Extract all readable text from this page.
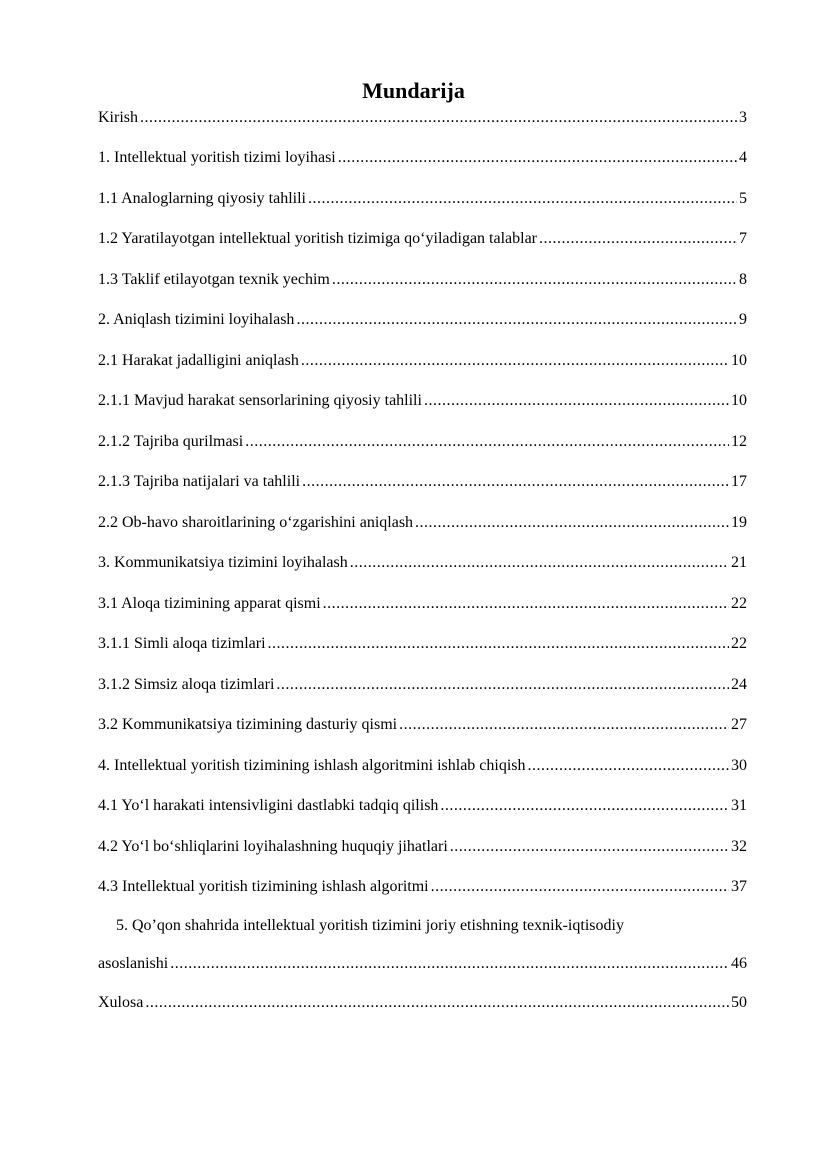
Mundarija
Kirish .....	3
1. Intellektual yoritish tizimi loyihasi .....	4
1.1 Analoglarning qiyosiy tahlili .....	5
1.2 Yaratilayotgan intellektual yoritish tizimiga qo‘yiladigan talablar .....	7
1.3 Taklif etilayotgan texnik yechim .....	8
2. Aniqlash tizimini loyihalash .....	9
2.1 Harakat jadalligini aniqlash .....	10
2.1.1 Mavjud harakat sensorlarining qiyosiy tahlili .....	10
2.1.2 Tajriba qurilmasi .....	12
2.1.3 Tajriba natijalari va tahlili .....	17
2.2 Ob-havo sharoitlarining o‘zgarishini aniqlash .....	19
3. Kommunikatsiya tizimini loyihalash .....	21
3.1 Aloqa tizimining apparat qismi .....	22
3.1.1 Simli aloqa tizimlari .....	22
3.1.2 Simsiz aloqa tizimlari .....	24
3.2 Kommunikatsiya tizimining dasturiy qismi .....	27
4. Intellektual yoritish tizimining ishlash algoritmini ishlab chiqish .....	30
4.1 Yo‘l harakati intensivligini dastlabki tadqiq qilish .....	31
4.2 Yo‘l bo‘shliqlarini loyihalashning huquqiy jihatlari .....	32
4.3 Intellektual yoritish tizimining ishlash algoritmi .....	37
5. Qo’qon shahrida intellektual yoritish tizimini joriy etishning texnik-iqtisodiy
asoslanishi .....	46
Xulosa .....	50
